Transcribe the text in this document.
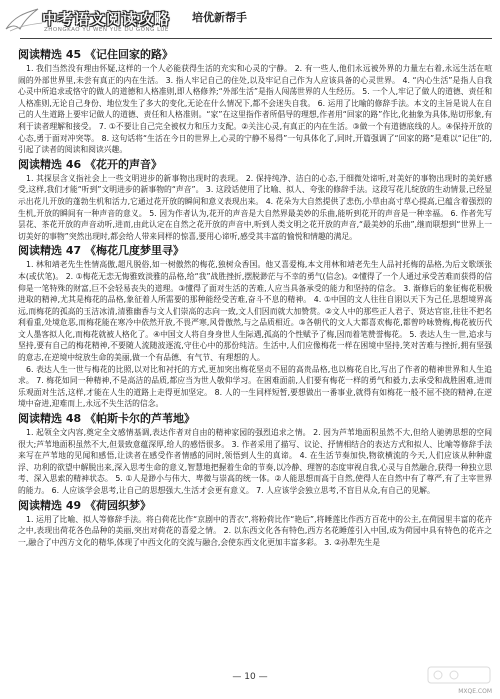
中考语文阅读攻略
ZHONGKAO YU WEN YUE DU GONG LUE
培优新帮手
阅读精选 45 《记住回家的路》

1. 我们当然没有理由怀疑,这样的一个人必能获得生活的充实和心灵的宁静。 2. 有一些人,他们永远被外界的力量左右着,永远生活在喧闹的外部世界里,未尝有真正的内在生活。 3. 指人牢记自己的住处,以及牢记自己作为人应该具备的心灵世界。 4. “内心生活”是指人自我心灵中所追求或恪守的做人的道德和人格准则,即人格修养;“外部生活”是指人闯荡世界的人生经历。 5. 一个人,牢记了做人的道德、责任和人格准则,无论自己身份、地位发生了多大的变化,无论在什么情况下,都不会迷失自我。 6. 运用了比喻的修辞手法。本文的主旨是说人在自己的人生道路上要牢记做人的道德、责任和人格准则。“家”在这里指作者所倡导的理想,作者用“回家的路”作比,化抽象为具体,贴切形象,有利于读者理解和接受。 7. ①不要让自己完全被权力和压力支配。②关注心灵,有真正的内在生活。③做一个有道德底线的人。④保持开放的心态,勇于面对冲突等。 8. 这句话将“生活在今日的世界上,心灵的宁静不易得”一句具体化了,同时,开篇强调了“回家的路”是难以“记住”的,引起了读者的阅读和阅读兴趣。

阅读精选 46 《花开的声音》

1. 其探层含义指社会上一些文明进步的新事物出现时的表现。 2. 保持纯净、洁白的心态,于细微处谛听,对美好的事物出现时的美好感受,这样,我们才能“听到”文明进步的新事物的“声音”。 3. 这段话使用了比喻、拟人、夸张的修辞手法。这段写花儿绽放的生动情景,已经显示出花儿开放的蓬勃生机和活力,它通过花开放的瞬间和意义表现出来。 4. 花朵为大自然提供了悲伤,小草由高寸草心提高,已蕴含着强烈的生机,开放的瞬间有一种声音的意义。 5. 因为作者认为,花开的声音是大自然界最美妙的乐曲,能听到花开的声音是一种幸福。 6. 作者先写昙花、茶花开放的声音动听,进而,由此认定在自然之花开放的声音中,听到人类文明之花开放的声音,“最美妙的乐曲”,继而联想到“世界上一切美好的事物”突然出现时,都会给人带来同样的惊喜,要用心谛听,感受其丰富的愉悦和情趣的满足。

阅读精选 47 《梅花几度梦里寻》

1. 林和靖老先生性情高傲,超凡脱俗,如一树傲然的梅花,独树众香国。他又喜爱梅,本文用林和靖老先生人品衬托梅的品格,为后文歌颂张本(或伏笔)。 2. ①梅花无恋无悔雅致淡雅的品格,给“我”战胜挫折,摆脱渺茫与不幸的勇气(信念)。②懂得了一个人通过承受苦难而获得的信仰是一笔特殊的财富,巨不会轻易丧失的道理。③懂得了面对生活的苦难,人应当具备承受的能力和坚持的信念。 3. 渐修后的象征梅花积极进取的精神,尤其是梅花的品格,象征着人所需要的那种能经受苦难,奋斗不息的精神。 4. ①中国的文人往往自诩以天下为己任,思想境界高远,而梅花的孤高的玉洁冰清,清雅幽香与文人们崇高的志向一致,文人们因而就大加赞赏。②文人中的那些正人君子、贤达官宦,往往不把名利看重,处境危恶,而梅花能在寒冷中依然开放,不畏严寒,风骨傲然,与之品质相近。③各朝代的文人大都喜欢梅花,都曾吟咏赞梅,梅花被历代文人墨客拟人化,而梅花就被人格化了。④中国文人将自身身世人生际遇,孤高的个性赋予了梅,因而着笔赞誉梅花。 5. 表达人生一世,追求与坚持,要有自己的梅花精神,不要随人流随波逐流,守住心中的那份纯洁。生活中,人们应像梅花一样在困境中坚持,笑对苦难与挫折,拥有坚强的意志,在逆境中绽放生命的美丽,做一个有品德、有气节、有理想的人。

6. 表达人生一世与梅花的比照,以对比和衬托的方式,更加突出梅花坚贞不屈的高贵品格,也以梅花自比,写出了作者的精神世界和人生追求。 7. 梅花如同一种精神,不是高洁的品质,都应当为世人敬仰学习。在困难面前,人们要有梅花一样的勇气和毅力,去承受和战胜困难,进而乐观面对生活,这样,才能在人生的道路上走得更加坚定。 8. 人的一生同样短暂,要想做出一番事业,就得有如梅花一般不屈不挠的精神,在逆境中奋进,迎难而上,永远不失生活的信念。

阅读精选 48 《帕斯卡尔的芦苇地》

1. 起领全文内容,奠定全文感情基调,表达作者对自由的精神家园的强烈追求之情。 2. 因为芦苇地面积虽然不大,但给人驰骋思想的空间很大;芦苇地面积虽然不大,但景致意蕴深厚,给人的感悟很多。 3. 作者采用了描写、议论、抒情相结合的表达方式和拟人、比喻等修辞手法来写在芦苇地的见闻和感悟,让读者在感受作者情感的同时,领悟到人生的真谛。 4. 在生活节奏加快,物欲横流的今天,人们应该从种种虚浮、功利的欲望中解脱出来,深入思考生命的意义,智慧地把握着生命的节奏,以冷静、理智的态度审视自我,心灵与自然融合,获得一种独立思考、深入思索的精神状态。 5. ①人是渺小与伟大、卑微与崇高的统一体。②人能思想而高于自然,使得人在自然中有了尊严,有了主宰世界的能力。 6. 人应该学会思考,让自己的思想强大,生活才会更有意义。 7. 人应该学会独立思考,不盲目从众,有自己的见解。

阅读精选 49 《荷园织梦》

1. 运用了比喻、拟人等修辞手法。将白荷花比作“京剧中的青衣”,将粉荷比作“艳后”,将睡莲比作西方百花中的公主,在荷园里丰富的花卉之中,表现出荷花各色品种的美丽,突出对荷花的喜爱之情。 2. 以东西文化各有特色,西方名花睡莲引入中国,成为荷园中具有特色的花卉之一,融合了中西方文化的精华,体现了中西文化的交流与融合,会使东西文化更加丰富多彩。 3. ②孙犁先生是

— 10 —
MXQE.COM
